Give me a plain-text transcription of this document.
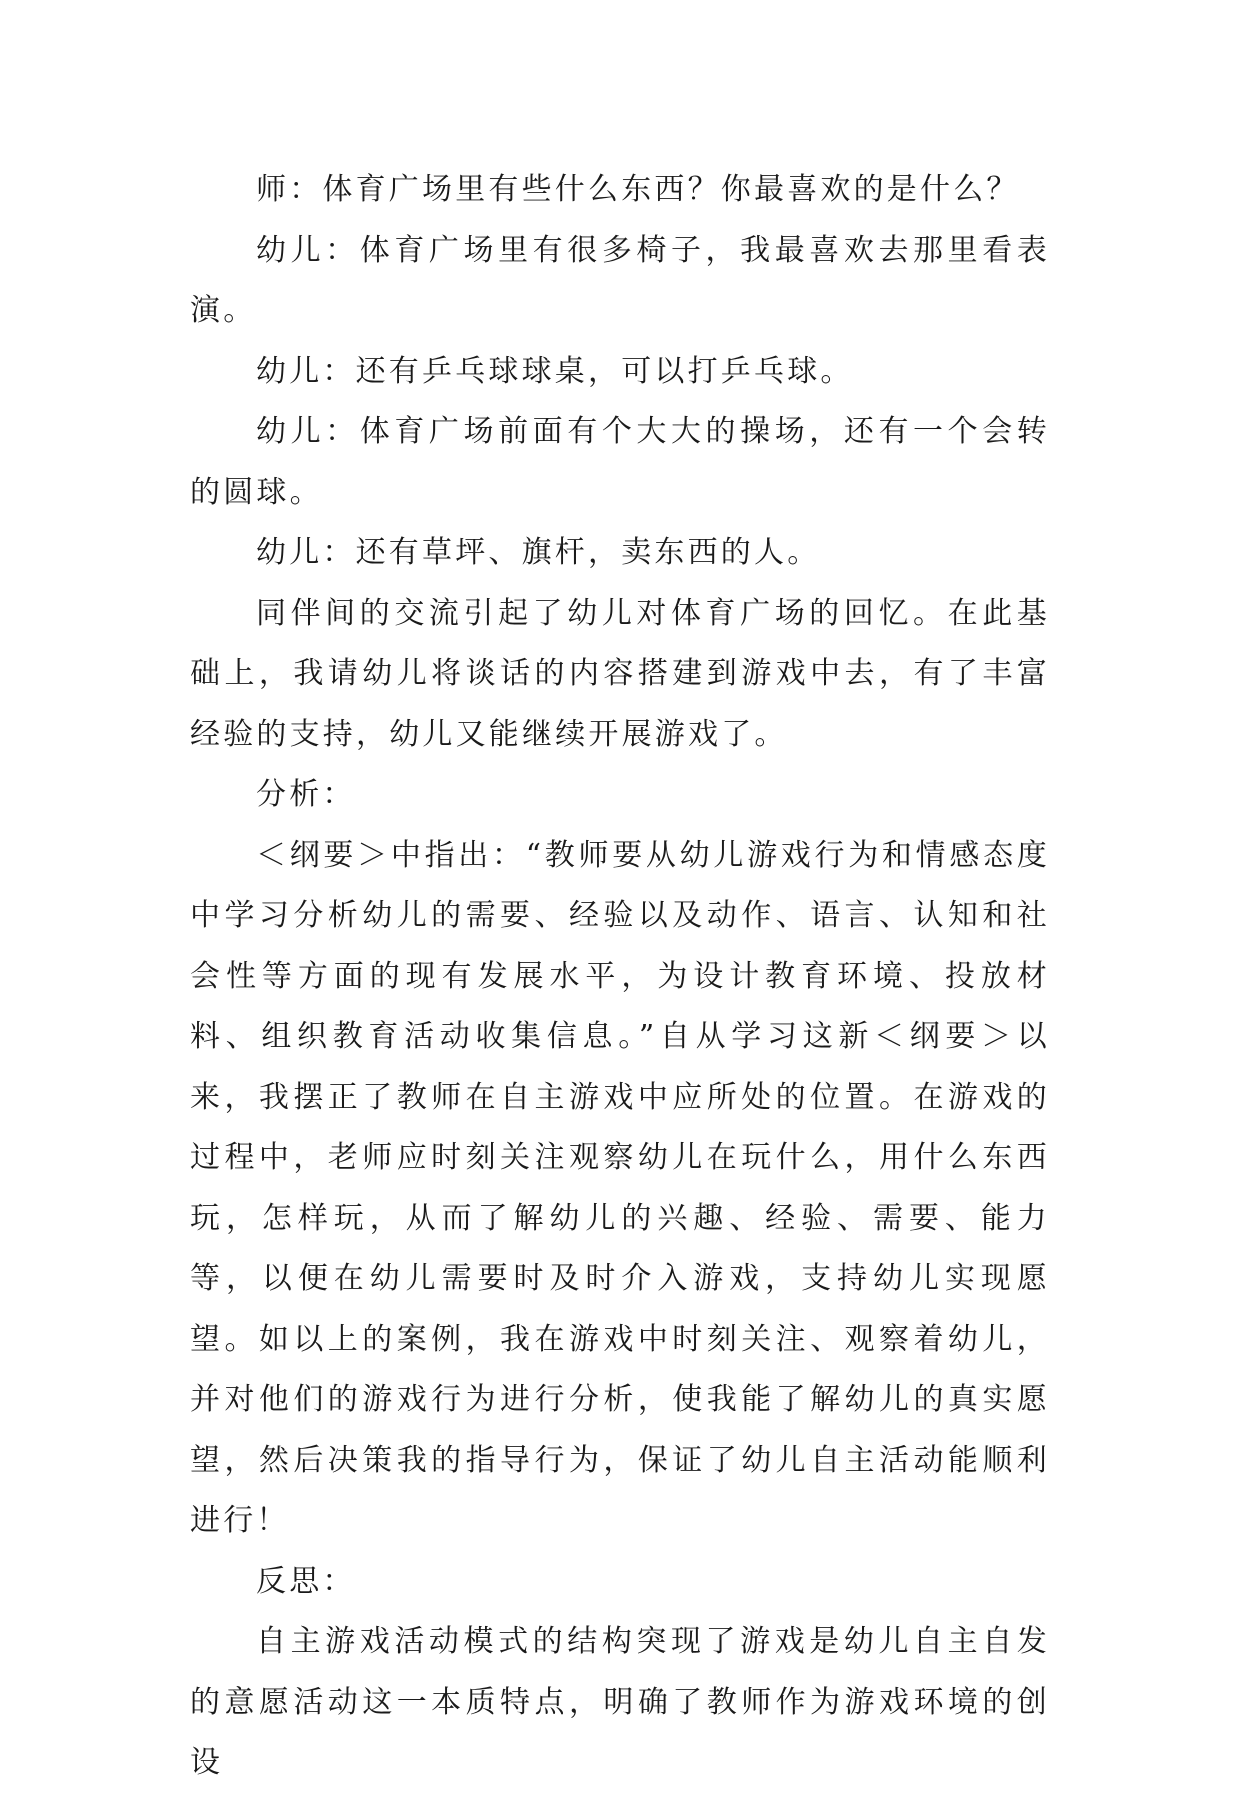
师：体育广场里有些什么东西？你最喜欢的是什么？

幼儿：体育广场里有很多椅子，我最喜欢去那里看表演。

幼儿：还有乒乓球球桌，可以打乒乓球。

幼儿：体育广场前面有个大大的操场，还有一个会转的圆球。

幼儿：还有草坪、旗杆，卖东西的人。

同伴间的交流引起了幼儿对体育广场的回忆。在此基础上，我请幼儿将谈话的内容搭建到游戏中去，有了丰富经验的支持，幼儿又能继续开展游戏了。

分析：

＜纲要＞中指出：“教师要从幼儿游戏行为和情感态度中学习分析幼儿的需要、经验以及动作、语言、认知和社会性等方面的现有发展水平，为设计教育环境、投放材料、组织教育活动收集信息。”自从学习这新＜纲要＞以来，我摆正了教师在自主游戏中应所处的位置。在游戏的过程中，老师应时刻关注观察幼儿在玩什么，用什么东西玩，怎样玩，从而了解幼儿的兴趣、经验、需要、能力等，以便在幼儿需要时及时介入游戏，支持幼儿实现愿望。如以上的案例，我在游戏中时刻关注、观察着幼儿，并对他们的游戏行为进行分析，使我能了解幼儿的真实愿望，然后决策我的指导行为，保证了幼儿自主活动能顺利进行！

反思：

自主游戏活动模式的结构突现了游戏是幼儿自主自发的意愿活动这一本质特点，明确了教师作为游戏环境的创设
